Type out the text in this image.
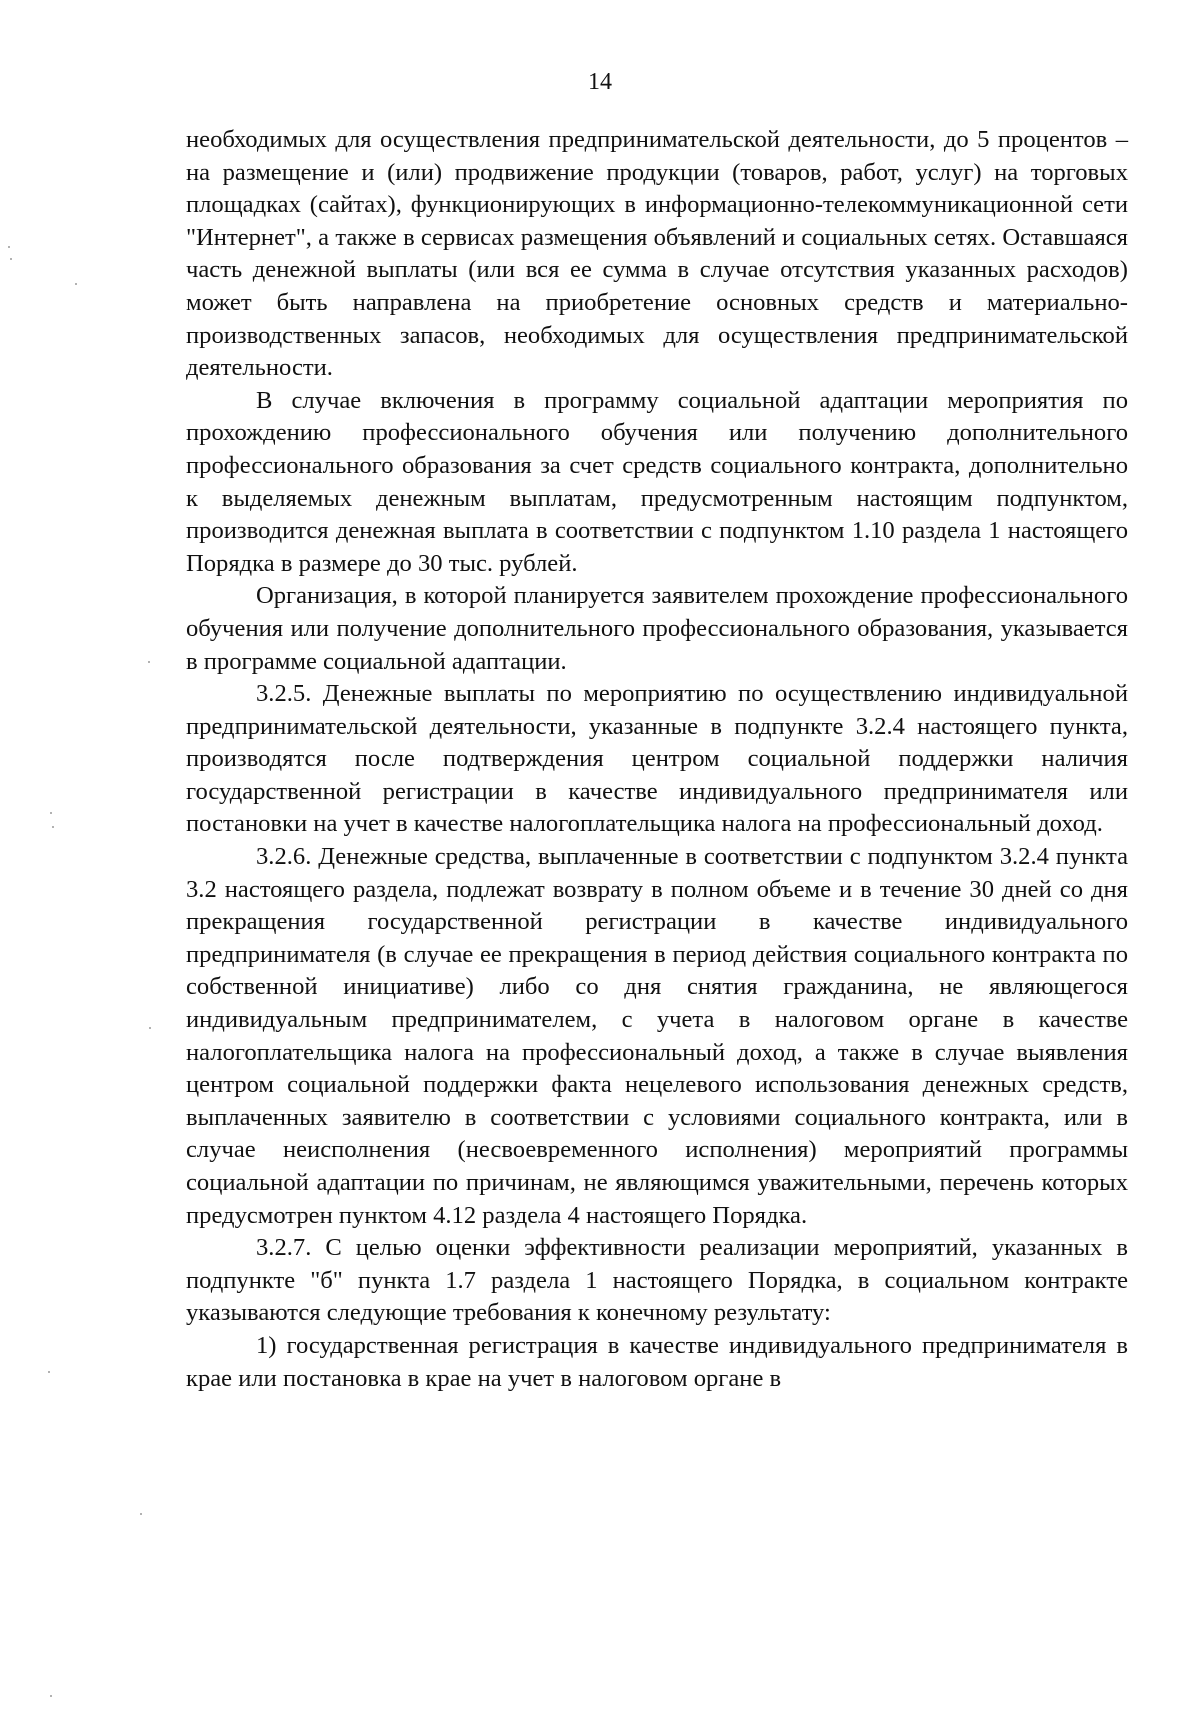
14

необходимых для осуществления предпринимательской деятельности, до 5 процентов – на размещение и (или) продвижение продукции (товаров, работ, услуг) на торговых площадках (сайтах), функционирующих в информационно-телекоммуникационной сети "Интернет", а также в сервисах размещения объявлений и социальных сетях. Оставшаяся часть денежной выплаты (или вся ее сумма в случае отсутствия указанных расходов) может быть направлена на приобретение основных средств и материально-производственных запасов, необходимых для осуществления предпринимательской деятельности.

В случае включения в программу социальной адаптации мероприятия по прохождению профессионального обучения или получению дополнительного профессионального образования за счет средств социального контракта, дополнительно к выделяемых денежным выплатам, предусмотренным настоящим подпунктом, производится денежная выплата в соответствии с подпунктом 1.10 раздела 1 настоящего Порядка в размере до 30 тыс. рублей.

Организация, в которой планируется заявителем прохождение профессионального обучения или получение дополнительного профессионального образования, указывается в программе социальной адаптации.

3.2.5. Денежные выплаты по мероприятию по осуществлению индивидуальной предпринимательской деятельности, указанные в подпункте 3.2.4 настоящего пункта, производятся после подтверждения центром социальной поддержки наличия государственной регистрации в качестве индивидуального предпринимателя или постановки на учет в качестве налогоплательщика налога на профессиональный доход.

3.2.6. Денежные средства, выплаченные в соответствии с подпунктом 3.2.4 пункта 3.2 настоящего раздела, подлежат возврату в полном объеме и в течение 30 дней со дня прекращения государственной регистрации в качестве индивидуального предпринимателя (в случае ее прекращения в период действия социального контракта по собственной инициативе) либо со дня снятия гражданина, не являющегося индивидуальным предпринимателем, с учета в налоговом органе в качестве налогоплательщика налога на профессиональный доход, а также в случае выявления центром социальной поддержки факта нецелевого использования денежных средств, выплаченных заявителю в соответствии с условиями социального контракта, или в случае неисполнения (несвоевременного исполнения) мероприятий программы социальной адаптации по причинам, не являющимся уважительными, перечень которых предусмотрен пунктом 4.12 раздела 4 настоящего Порядка.

3.2.7. С целью оценки эффективности реализации мероприятий, указанных в подпункте "б" пункта 1.7 раздела 1 настоящего Порядка, в социальном контракте указываются следующие требования к конечному результату:

1) государственная регистрация в качестве индивидуального предпринимателя в крае или постановка в крае на учет в налоговом органе в
